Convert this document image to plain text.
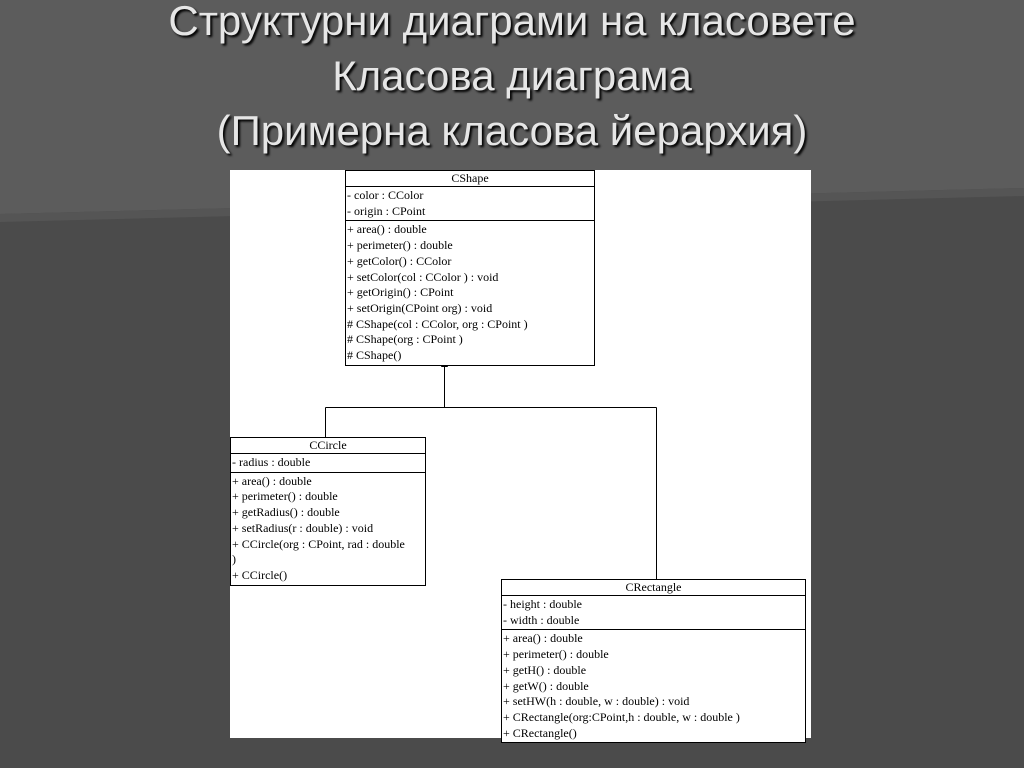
Структурни диаграми на класовете
Класова диаграма
(Примерна класова йерархия)
CShape
- color : CColor
- origin : CPoint
+ area() : double
+ perimeter() : double
+ getColor() : CColor
+ setColor(col : CColor ) : void
+ getOrigin() : CPoint
+ setOrigin(CPoint org) : void
# CShape(col : CColor, org : CPoint )
# CShape(org : CPoint )
# CShape()
CCircle
- radius : double
+ area() : double
+ perimeter() : double
+ getRadius() : double
+ setRadius(r : double) : void
+ CCircle(org : CPoint, rad : double )
+ CCircle()
CRectangle
- height : double
- width : double
+ area() : double
+ perimeter() : double
+ getH() : double
+ getW() : double
+ setHW(h : double, w : double) : void
+ CRectangle(org:CPoint,h : double, w : double )
+ CRectangle()
